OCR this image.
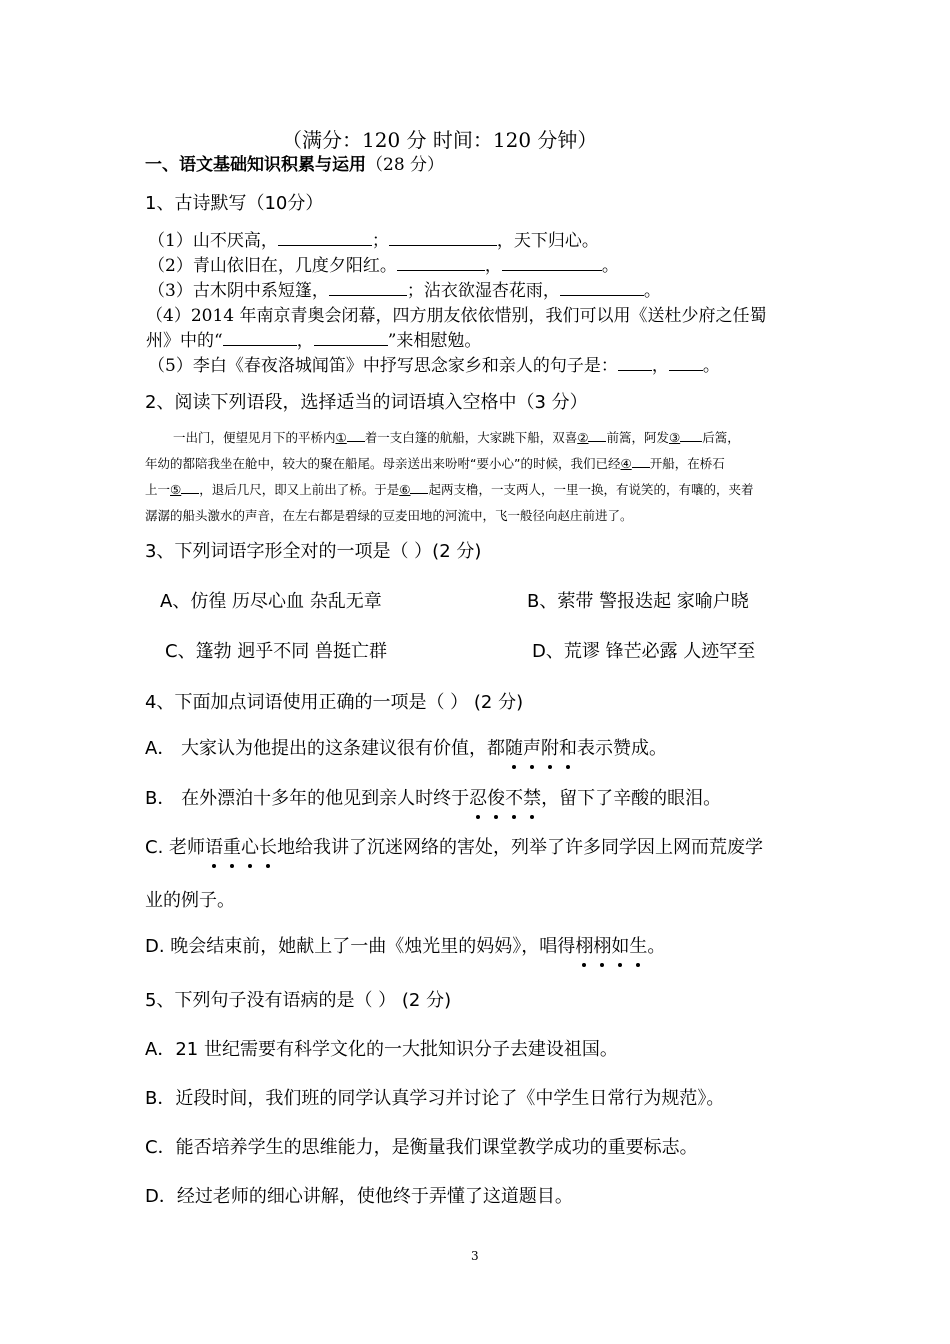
（满分：120 分 时间：120 分钟）
一、语文基础知识积累与运用（28 分）
1、古诗默写（10分）
（1）山不厌高，	；	，天下归心。
（2）青山依旧在，几度夕阳红。	，	。
（3）古木阴中系短篷，	；沾衣欲湿杏花雨，	。
（4）2014 年南京青奥会闭幕，四方朋友依依惜别，我们可以用《送杜少府之任蜀
州》中的“	，	”来相慰勉。
（5）李白《春夜洛城闻笛》中抒写思念家乡和亲人的句子是： ， 。
2、阅读下列语段，选择适当的词语填入空格中（3 分）
一出门，便望见月下的平桥内① 着一支白篷的航船，大家跳下船，双喜② 前篙，阿发③ 后篙，
年幼的都陪我坐在舱中，较大的聚在船尾。母亲送出来吩咐“要小心”的时候，我们已经④ 开船，在桥石
上一⑤ ，退后几尺，即又上前出了桥。于是⑥ 起两支橹，一支两人，一里一换，有说笑的，有嚷的，夹着
潺潺的船头激水的声音，在左右都是碧绿的豆麦田地的河流中，飞一般径向赵庄前进了。
3、下列词语字形全对的一项是（ ）(2 分)
A、仿徨 历尽心血 杂乱无章	B、萦带 警报迭起 家喻户晓
C、篷勃 迥乎不同 兽挺亡群	D、荒谬 锋芒必露 人迹罕至
4、下面加点词语使用正确的一项是（ ） (2 分)
A． 大家认为他提出的这条建议很有价值，都随声附和表示赞成。
B． 在外漂泊十多年的他见到亲人时终于忍俊不禁，留下了辛酸的眼泪。
C. 老师语重心长地给我讲了沉迷网络的害处，列举了许多同学因上网而荒废学
业的例子。
D. 晚会结束前，她献上了一曲《烛光里的妈妈》，唱得栩栩如生。
5、下列句子没有语病的是（ ） (2 分)
A．21 世纪需要有科学文化的一大批知识分子去建设祖国。
B．近段时间，我们班的同学认真学习并讨论了《中学生日常行为规范》。
C．能否培养学生的思维能力，是衡量我们课堂教学成功的重要标志。
D．经过老师的细心讲解，使他终于弄懂了这道题目。
3
